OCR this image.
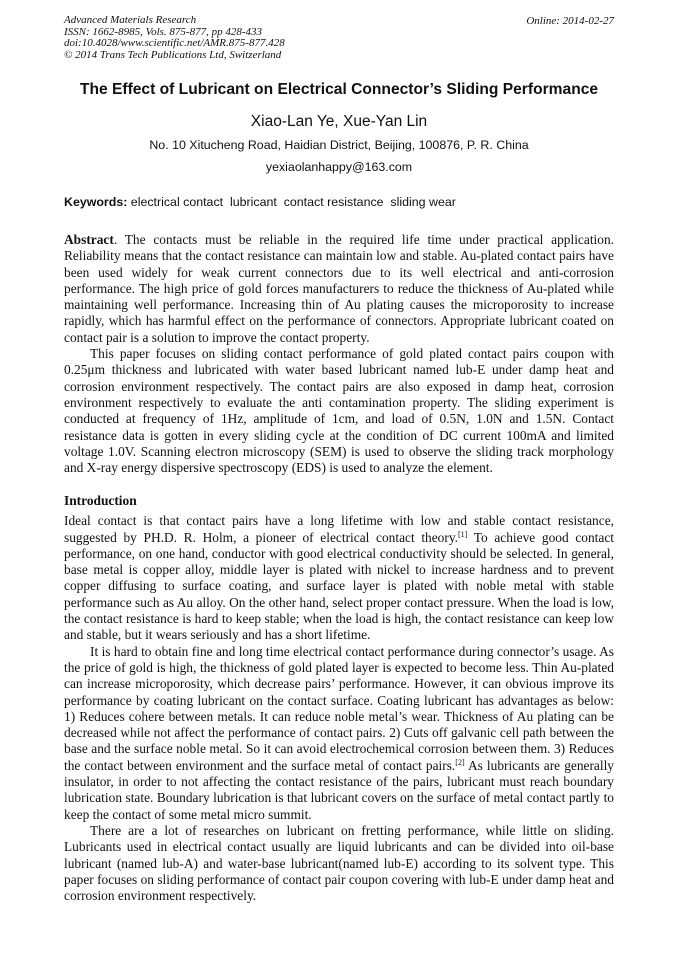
Advanced Materials Research
ISSN: 1662-8985, Vols. 875-877, pp 428-433
doi:10.4028/www.scientific.net/AMR.875-877.428
© 2014 Trans Tech Publications Ltd, Switzerland
Online: 2014-02-27
The Effect of Lubricant on Electrical Connector’s Sliding Performance
Xiao-Lan Ye, Xue-Yan Lin
No. 10 Xitucheng Road, Haidian District, Beijing, 100876, P. R. China
yexiaolanhappy@163.com
Keywords: electrical contact  lubricant  contact resistance  sliding wear

Abstract. The contacts must be reliable in the required life time under practical application. Reliability means that the contact resistance can maintain low and stable. Au-plated contact pairs have been used widely for weak current connectors due to its well electrical and anti-corrosion performance. The high price of gold forces manufacturers to reduce the thickness of Au-plated while maintaining well performance. Increasing thin of Au plating causes the microporosity to increase rapidly, which has harmful effect on the performance of connectors. Appropriate lubricant coated on contact pair is a solution to improve the contact property.

This paper focuses on sliding contact performance of gold plated contact pairs coupon with 0.25μm thickness and lubricated with water based lubricant named lub-E under damp heat and corrosion environment respectively. The contact pairs are also exposed in damp heat, corrosion environment respectively to evaluate the anti contamination property. The sliding experiment is conducted at frequency of 1Hz, amplitude of 1cm, and load of 0.5N, 1.0N and 1.5N. Contact resistance data is gotten in every sliding cycle at the condition of DC current 100mA and limited voltage 1.0V. Scanning electron microscopy (SEM) is used to observe the sliding track morphology and X-ray energy dispersive spectroscopy (EDS) is used to analyze the element.

Introduction

Ideal contact is that contact pairs have a long lifetime with low and stable contact resistance, suggested by PH.D. R. Holm, a pioneer of electrical contact theory.[1] To achieve good contact performance, on one hand, conductor with good electrical conductivity should be selected. In general, base metal is copper alloy, middle layer is plated with nickel to increase hardness and to prevent copper diffusing to surface coating, and surface layer is plated with noble metal with stable performance such as Au alloy. On the other hand, select proper contact pressure. When the load is low, the contact resistance is hard to keep stable; when the load is high, the contact resistance can keep low and stable, but it wears seriously and has a short lifetime.

It is hard to obtain fine and long time electrical contact performance during connector’s usage. As the price of gold is high, the thickness of gold plated layer is expected to become less. Thin Au-plated can increase microporosity, which decrease pairs’ performance. However, it can obvious improve its performance by coating lubricant on the contact surface. Coating lubricant has advantages as below: 1) Reduces cohere between metals. It can reduce noble metal’s wear. Thickness of Au plating can be decreased while not affect the performance of contact pairs. 2) Cuts off galvanic cell path between the base and the surface noble metal. So it can avoid electrochemical corrosion between them. 3) Reduces the contact between environment and the surface metal of contact pairs.[2] As lubricants are generally insulator, in order to not affecting the contact resistance of the pairs, lubricant must reach boundary lubrication state. Boundary lubrication is that lubricant covers on the surface of metal contact partly to keep the contact of some metal micro summit.

There are a lot of researches on lubricant on fretting performance, while little on sliding. Lubricants used in electrical contact usually are liquid lubricants and can be divided into oil-base lubricant (named lub-A) and water-base lubricant(named lub-E) according to its solvent type. This paper focuses on sliding performance of contact pair coupon covering with lub-E under damp heat and corrosion environment respectively.
